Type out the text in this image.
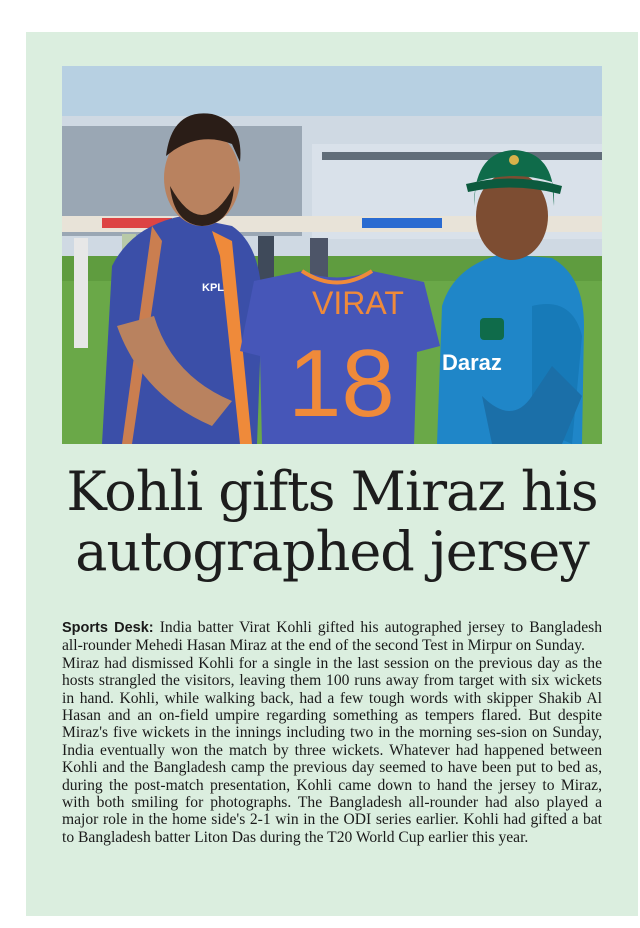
KPL
Daraz
VIRAT
18
Kohli gifts Miraz his autographed jersey

Sports Desk: India batter Virat Kohli gifted his autographed jersey to Bangladesh all-rounder Mehedi Hasan Miraz at the end of the second Test in Mirpur on Sunday.

Miraz had dismissed Kohli for a single in the last session on the previous day as the hosts strangled the visitors, leaving them 100 runs away from target with six wickets in hand. Kohli, while walking back, had a few tough words with skipper Shakib Al Hasan and an on-field umpire regarding something as tempers flared. But despite Miraz's five wickets in the innings including two in the morning ses-sion on Sunday, India eventually won the match by three wickets. Whatever had happened between Kohli and the Bangladesh camp the previous day seemed to have been put to bed as, during the post-match presentation, Kohli came down to hand the jersey to Miraz, with both smiling for photographs. The Bangladesh all-rounder had also played a major role in the home side's 2-1 win in the ODI series earlier. Kohli had gifted a bat to Bangladesh batter Liton Das during the T20 World Cup earlier this year.
